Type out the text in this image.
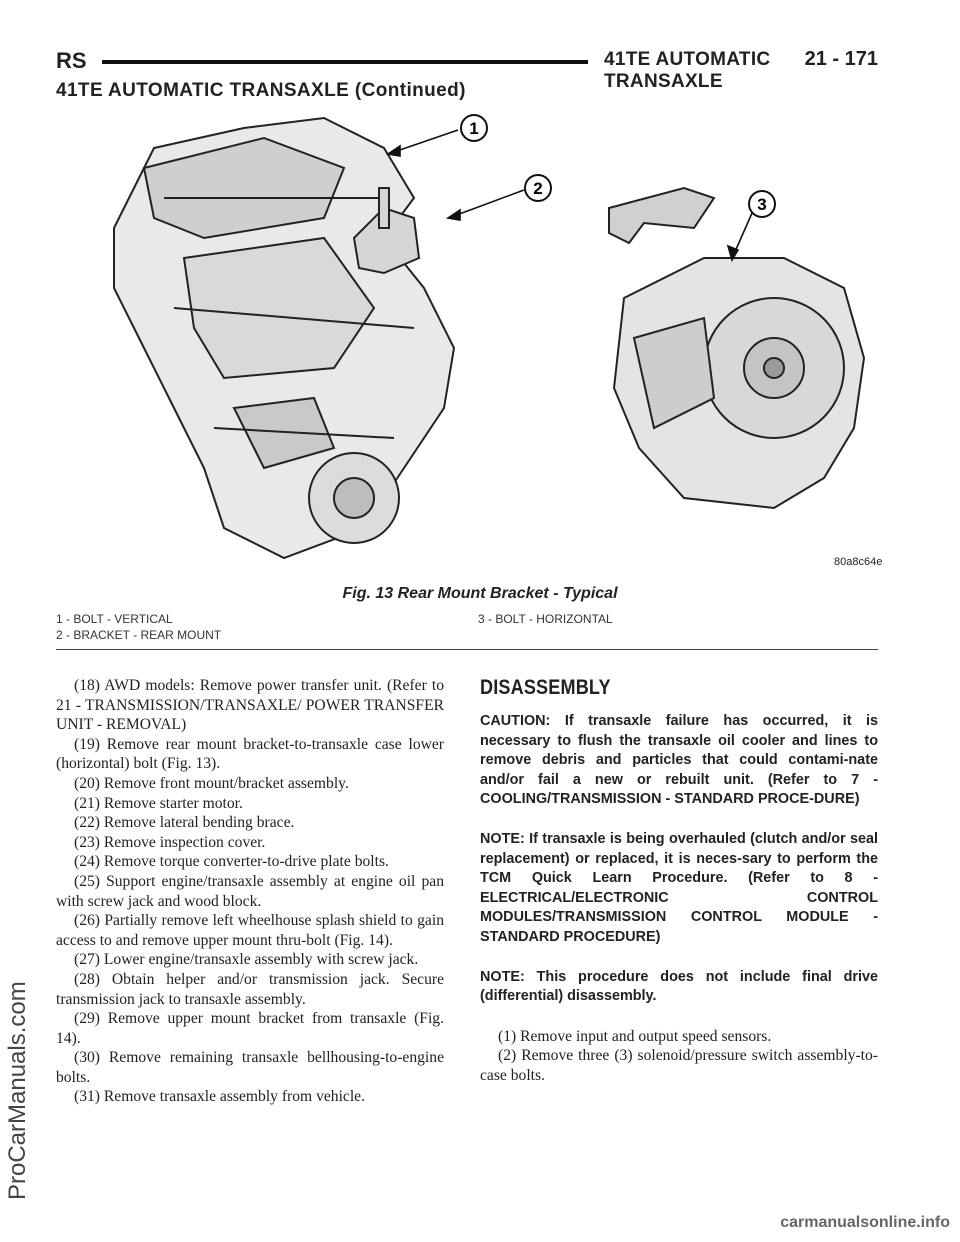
RS	41TE AUTOMATIC TRANSAXLE
21 - 171
41TE AUTOMATIC TRANSAXLE (Continued)
1
2
3
80a8c64e
Fig. 13 Rear Mount Bracket - Typical
1 - BOLT - VERTICAL
2 - BRACKET - REAR MOUNT
3 - BOLT - HORIZONTAL

(18) AWD models: Remove power transfer unit. (Refer to 21 - TRANSMISSION/TRANSAXLE/ POWER TRANSFER UNIT - REMOVAL)

(19) Remove rear mount bracket-to-transaxle case lower (horizontal) bolt (Fig. 13).

(20) Remove front mount/bracket assembly.

(21) Remove starter motor.

(22) Remove lateral bending brace.

(23) Remove inspection cover.

(24) Remove torque converter-to-drive plate bolts.

(25) Support engine/transaxle assembly at engine oil pan with screw jack and wood block.

(26) Partially remove left wheelhouse splash shield to gain access to and remove upper mount thru-bolt (Fig. 14).

(27) Lower engine/transaxle assembly with screw jack.

(28) Obtain helper and/or transmission jack. Secure transmission jack to transaxle assembly.

(29) Remove upper mount bracket from transaxle (Fig. 14).

(30) Remove remaining transaxle bellhousing-to-engine bolts.

(31) Remove transaxle assembly from vehicle.

DISASSEMBLY
CAUTION: If transaxle failure has occurred, it is necessary to flush the transaxle oil cooler and lines to remove debris and particles that could contami-nate and/or fail a new or rebuilt unit. (Refer to 7 - COOLING/TRANSMISSION - STANDARD PROCE-DURE)
NOTE: If transaxle is being overhauled (clutch and/or seal replacement) or replaced, it is neces-sary to perform the TCM Quick Learn Procedure. (Refer to 8 - ELECTRICAL/ELECTRONIC CONTROL MODULES/TRANSMISSION CONTROL MODULE - STANDARD PROCEDURE)
NOTE: This procedure does not include final drive (differential) disassembly.

(1) Remove input and output speed sensors.

(2) Remove three (3) solenoid/pressure switch assembly-to-case bolts.

ProCarManuals.com
carmanualsonline.info
